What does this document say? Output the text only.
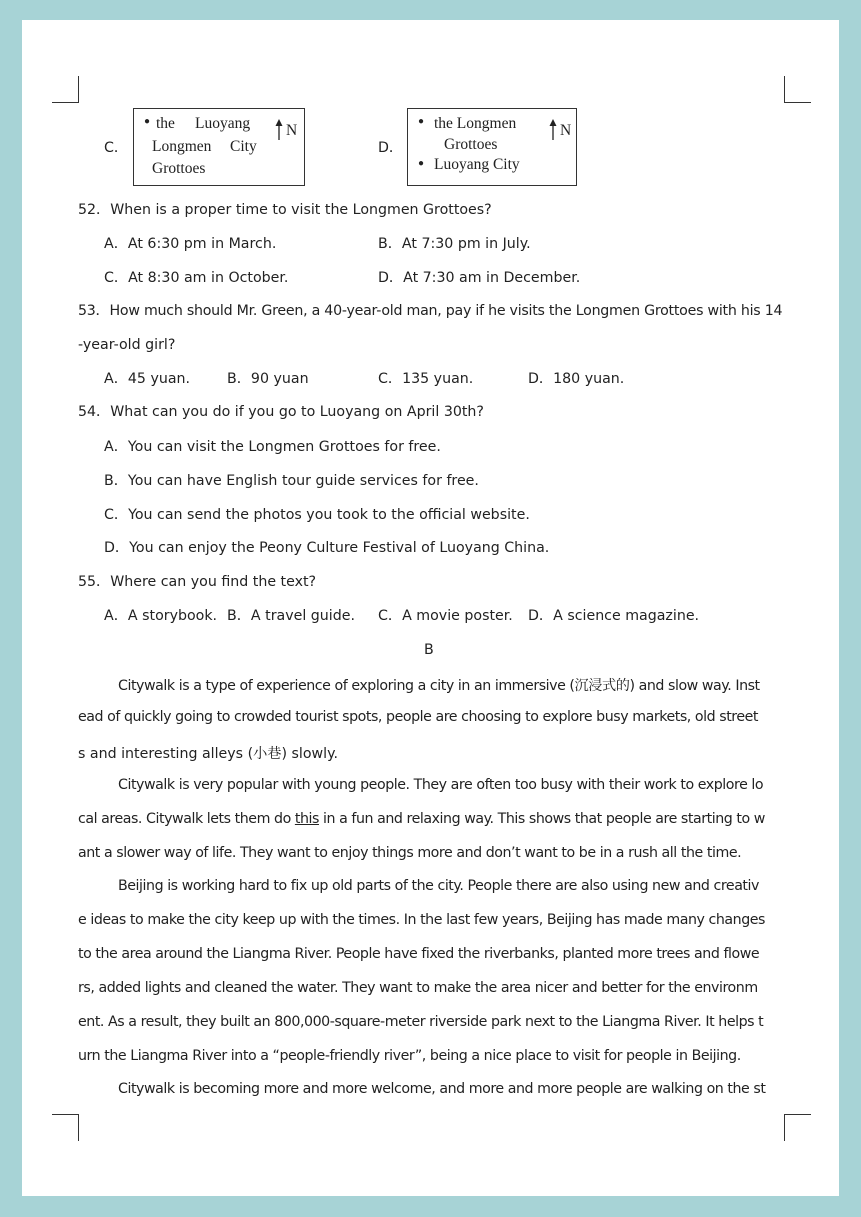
C．
● the Luoyang
Longmen City
Grottoes
N
D．
● the Longmen
Grottoes
● Luoyang City
N
52．When is a proper time to visit the Longmen Grottoes?
A．At 6:30 pm in March.	B．At 7:30 pm in July.
C．At 8:30 am in October.	D．At 7:30 am in December.
53．How much should Mr. Green, a 40-year-old man, pay if he visits the Longmen Grottoes with his 14
-year-old girl?
A．45 yuan.	B．90 yuan	C．135 yuan.	D．180 yuan.
54．What can you do if you go to Luoyang on April 30th?
A．You can visit the Longmen Grottoes for free.
B．You can have English tour guide services for free.
C．You can send the photos you took to the official website.
D．You can enjoy the Peony Culture Festival of Luoyang China.
55．Where can you find the text?
A．A storybook. B．A travel guide. C．A movie poster. D．A science magazine.
B
Citywalk is a type of experience of exploring a city in an immersive (沉浸式的) and slow way. Inst
ead of quickly going to crowded tourist spots, people are choosing to explore busy markets, old street
s and interesting alleys (小巷) slowly.
Citywalk is very popular with young people. They are often too busy with their work to explore lo
cal areas. Citywalk lets them do this in a fun and relaxing way. This shows that people are starting to w
ant a slower way of life. They want to enjoy things more and don’t want to be in a rush all the time.
Beijing is working hard to fix up old parts of the city. People there are also using new and creativ
e ideas to make the city keep up with the times. In the last few years, Beijing has made many changes
to the area around the Liangma River. People have fixed the riverbanks, planted more trees and flowe
rs, added lights and cleaned the water. They want to make the area nicer and better for the environm
ent. As a result, they built an 800,000-square-meter riverside park next to the Liangma River. It helps t
urn the Liangma River into a “people-friendly river”, being a nice place to visit for people in Beijing.
Citywalk is becoming more and more welcome, and more and more people are walking on the st
